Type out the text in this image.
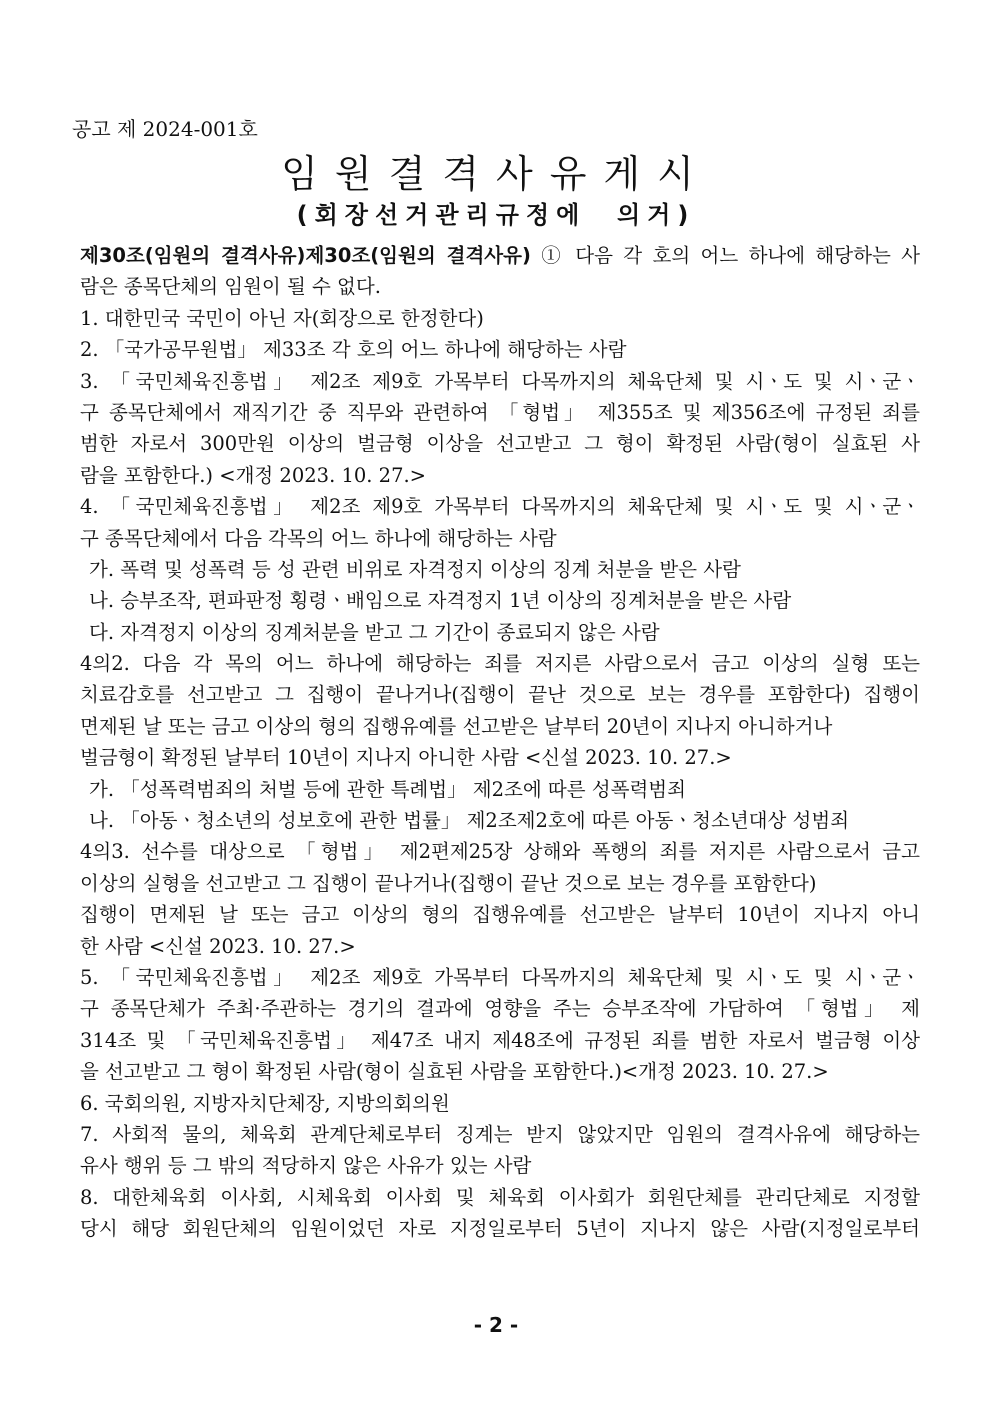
공고 제 2024-001호
임원결격사유게시
(회장선거관리규정에  의거)
제30조(임원의 결격사유)제30조(임원의 결격사유) ① 다음 각 호의 어느 하나에 해당하는 사
람은 종목단체의 임원이 될 수 없다.
1. 대한민국 국민이 아닌 자(회장으로 한정한다)
2. 「국가공무원법」 제33조 각 호의 어느 하나에 해당하는 사람
3. 「국민체육진흥법」 제2조 제9호 가목부터 다목까지의 체육단체 및 시ㆍ도 및 시ㆍ군ㆍ
구 종목단체에서 재직기간 중 직무와 관련하여 「형법」 제355조 및 제356조에 규정된 죄를
범한 자로서 300만원 이상의 벌금형 이상을 선고받고 그 형이 확정된 사람(형이 실효된 사
람을 포함한다.) <개정 2023. 10. 27.>
4. 「국민체육진흥법」 제2조 제9호 가목부터 다목까지의 체육단체 및 시ㆍ도 및 시ㆍ군ㆍ
구 종목단체에서 다음 각목의 어느 하나에 해당하는 사람
가. 폭력 및 성폭력 등 성 관련 비위로 자격정지 이상의 징계 처분을 받은 사람
나. 승부조작, 편파판정 횡령ㆍ배임으로 자격정지 1년 이상의 징계처분을 받은 사람
다. 자격정지 이상의 징계처분을 받고 그 기간이 종료되지 않은 사람
4의2. 다음 각 목의 어느 하나에 해당하는 죄를 저지른 사람으로서 금고 이상의 실형 또는
치료감호를 선고받고 그 집행이 끝나거나(집행이 끝난 것으로 보는 경우를 포함한다) 집행이
면제된 날 또는 금고 이상의 형의 집행유예를 선고받은 날부터 20년이 지나지 아니하거나
벌금형이 확정된 날부터 10년이 지나지 아니한 사람 <신설 2023. 10. 27.>
가. 「성폭력범죄의 처벌 등에 관한 특례법」 제2조에 따른 성폭력범죄
나. 「아동ㆍ청소년의 성보호에 관한 법률」 제2조제2호에 따른 아동ㆍ청소년대상 성범죄
4의3. 선수를 대상으로 「형법」 제2편제25장 상해와 폭행의 죄를 저지른 사람으로서 금고
이상의 실형을 선고받고 그 집행이 끝나거나(집행이 끝난 것으로 보는 경우를 포함한다)
집행이 면제된 날 또는 금고 이상의 형의 집행유예를 선고받은 날부터 10년이 지나지 아니
한 사람 <신설 2023. 10. 27.>
5. 「국민체육진흥법」 제2조 제9호 가목부터 다목까지의 체육단체 및 시ㆍ도 및 시ㆍ군ㆍ
구 종목단체가 주최·주관하는 경기의 결과에 영향을 주는 승부조작에 가담하여 「형법」 제
314조 및 「국민체육진흥법」 제47조 내지 제48조에 규정된 죄를 범한 자로서 벌금형 이상
을 선고받고 그 형이 확정된 사람(형이 실효된 사람을 포함한다.)<개정 2023. 10. 27.>
6. 국회의원, 지방자치단체장, 지방의회의원
7. 사회적 물의, 체육회 관계단체로부터 징계는 받지 않았지만 임원의 결격사유에 해당하는
유사 행위 등 그 밖의 적당하지 않은 사유가 있는 사람
8. 대한체육회 이사회, 시체육회 이사회 및 체육회 이사회가 회원단체를 관리단체로 지정할
당시 해당 회원단체의 임원이었던 자로 지정일로부터 5년이 지나지 않은 사람(지정일로부터
- 2 -
